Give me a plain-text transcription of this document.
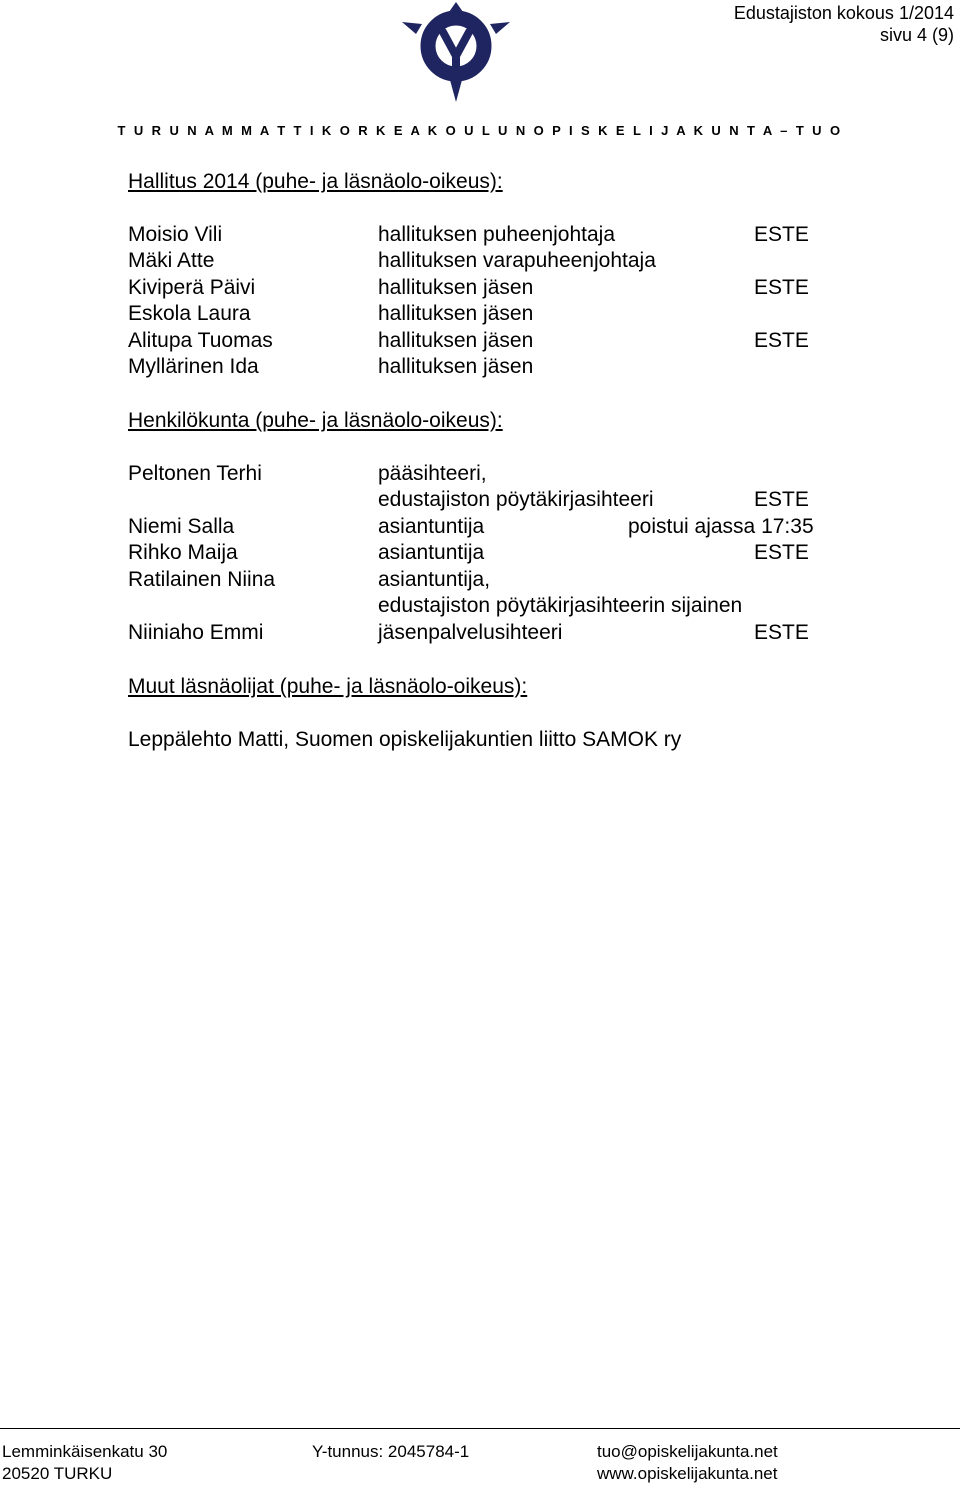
Edustajiston kokous 1/2014
sivu 4 (9)
T U R U N A M M A T T I K O R K E A K O U L U N O P I S K E L I J A K U N T A – T U O
Hallitus 2014 (puhe- ja läsnäolo-oikeus):
Moisio Vili	hallituksen puheenjohtaja	ESTE
Mäki Atte	hallituksen varapuheenjohtaja
Kiviperä Päivi	hallituksen jäsen	ESTE
Eskola Laura	hallituksen jäsen
Alitupa Tuomas	hallituksen jäsen	ESTE
Myllärinen Ida	hallituksen jäsen
Henkilökunta (puhe- ja läsnäolo-oikeus):
Peltonen Terhi	pääsihteeri,
edustajiston pöytäkirjasihteeri	ESTE
Niemi Salla	asiantuntija	poistui ajassa 17:35
Rihko Maija	asiantuntija	ESTE
Ratilainen Niina	asiantuntija,
edustajiston pöytäkirjasihteerin sijainen
Niiniaho Emmi	jäsenpalvelusihteeri	ESTE
Muut läsnäolijat (puhe- ja läsnäolo-oikeus):
Leppälehto Matti, Suomen opiskelijakuntien liitto SAMOK ry
Lemminkäisenkatu 30
20520 TURKU
Y-tunnus: 2045784-1	tuo@opiskelijakunta.net
www.opiskelijakunta.net
